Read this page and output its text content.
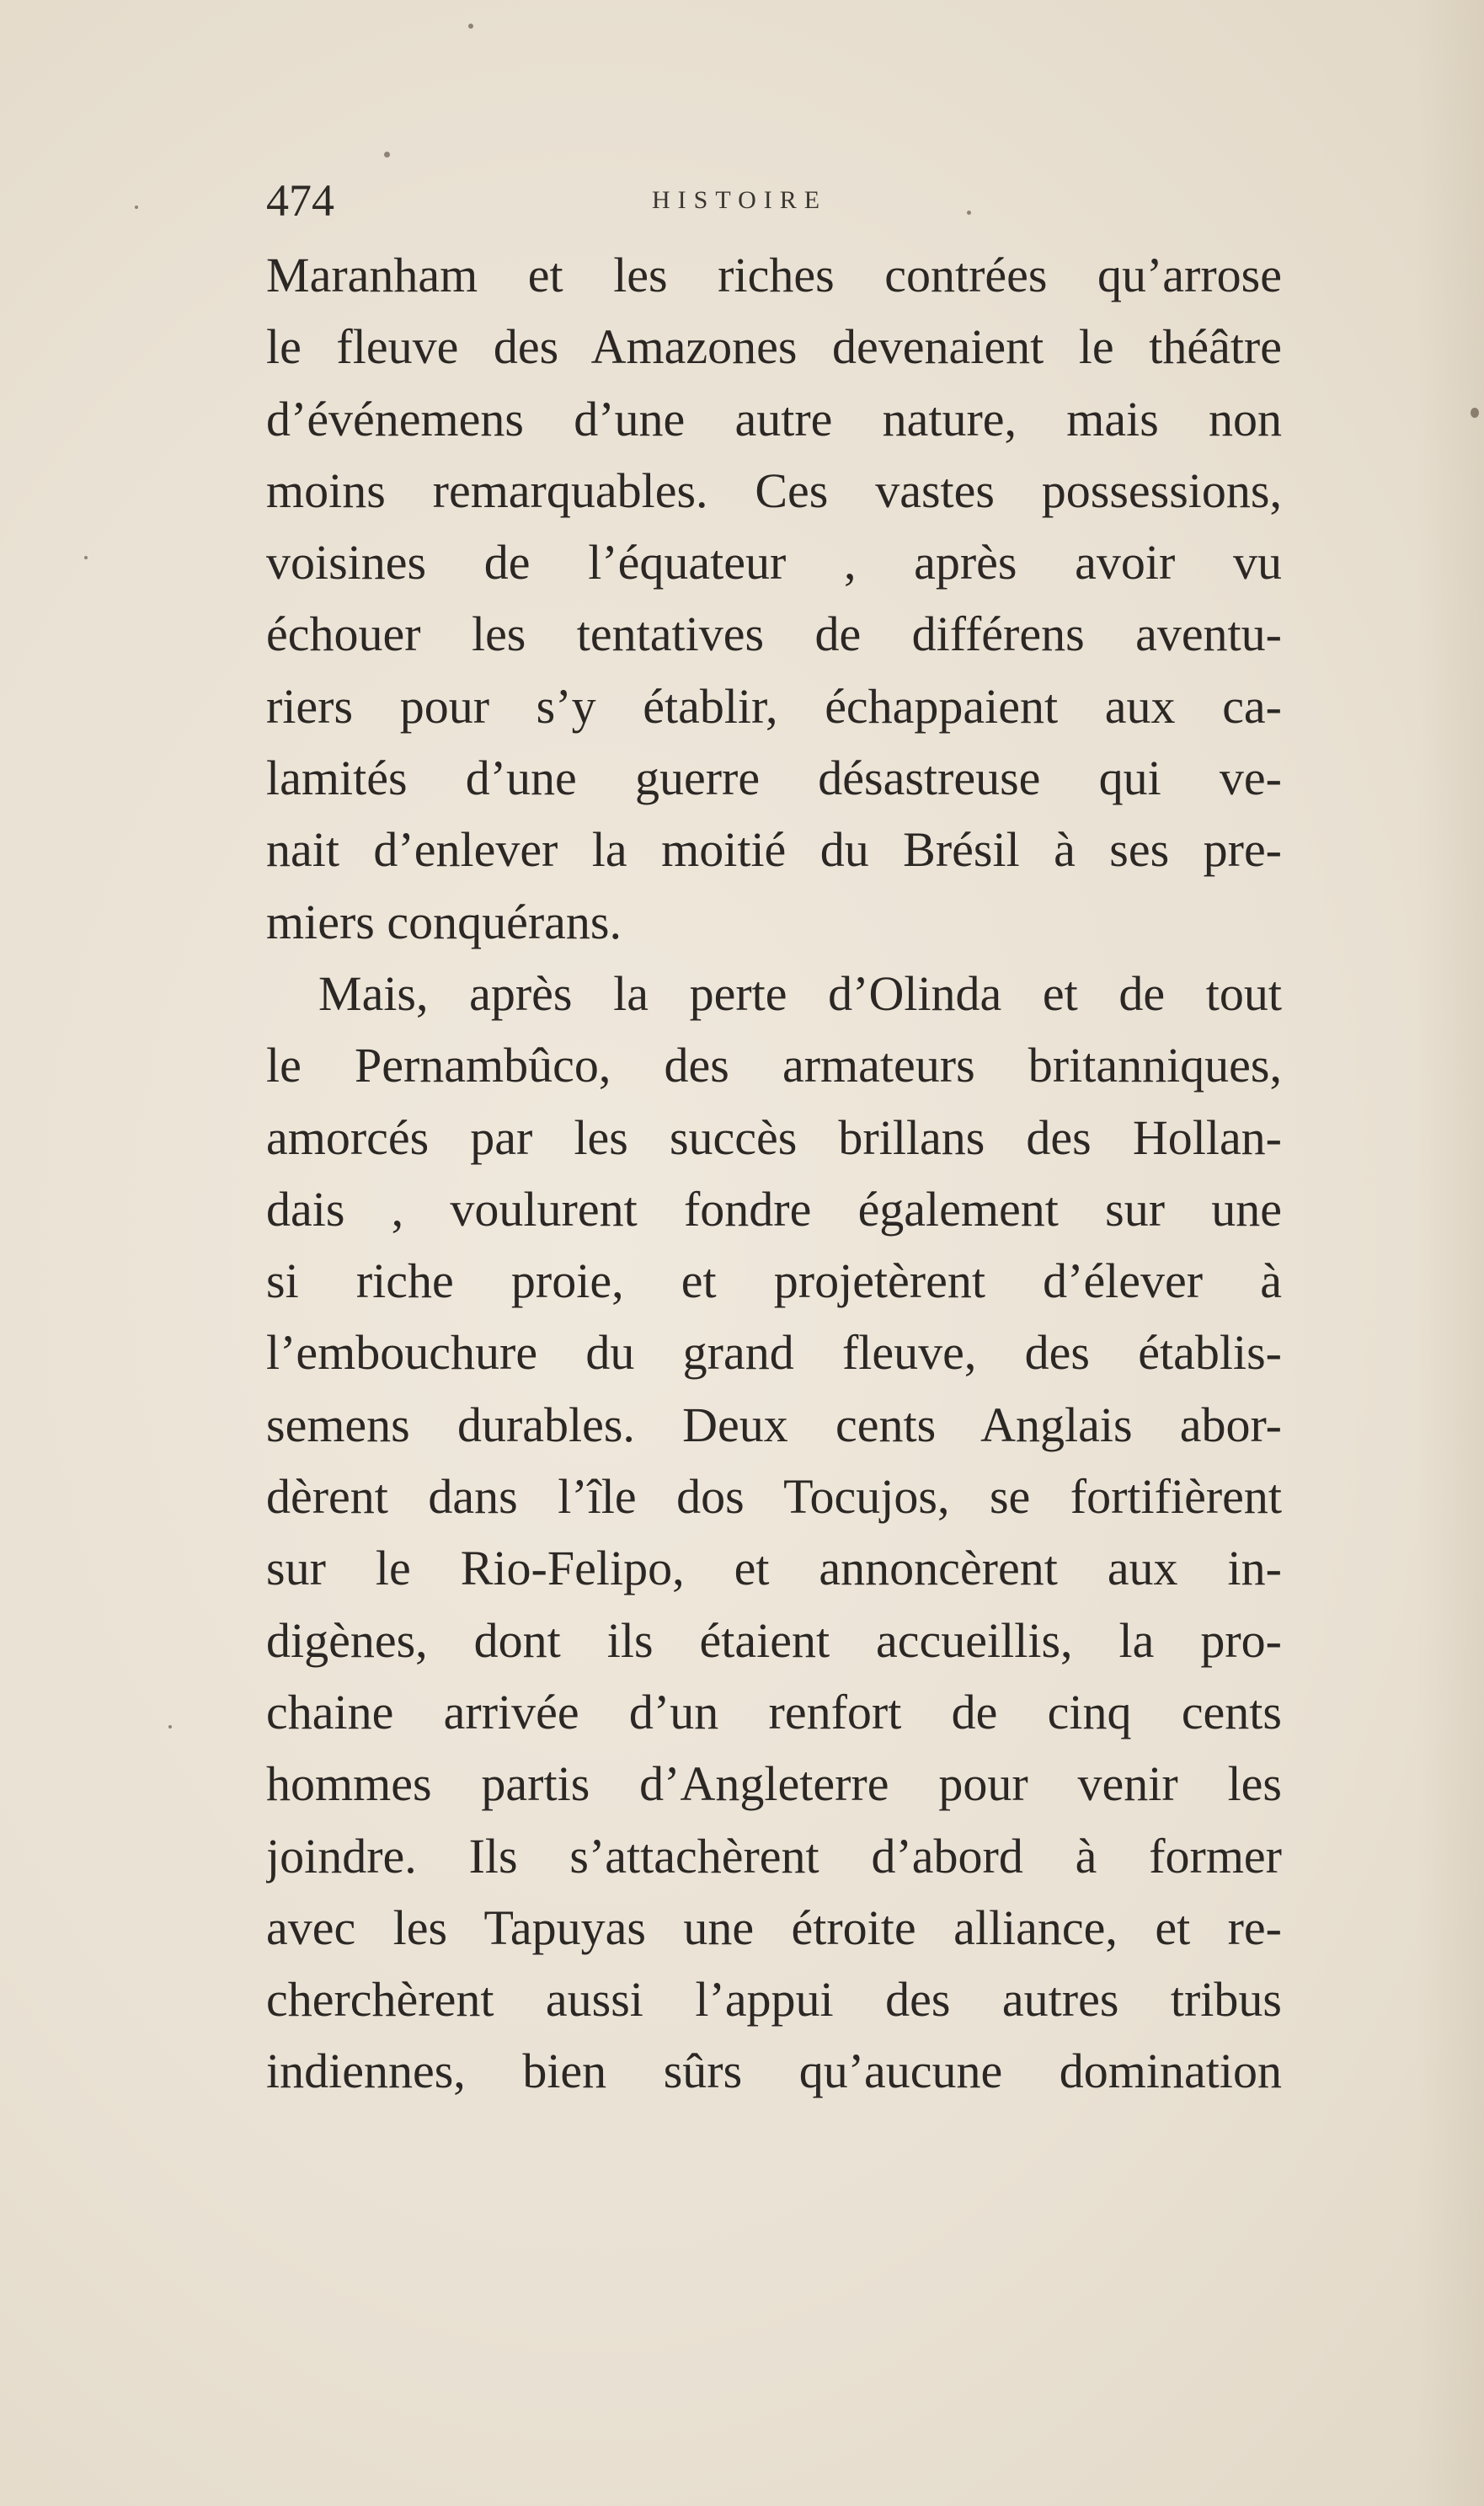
474	HISTOIRE
Maranham et les riches contrées qu’arrose
le fleuve des Amazones devenaient le théâtre
d’événemens d’une autre nature, mais non
moins remarquables. Ces vastes possessions,
voisines de l’équateur , après avoir vu
échouer les tentatives de différens aventu-
riers pour s’y établir, échappaient aux ca-
lamités d’une guerre désastreuse qui ve-
nait d’enlever la moitié du Brésil à ses pre-
miers conquérans.
Mais, après la perte d’Olinda et de tout
le Pernambûco, des armateurs britanniques,
amorcés par les succès brillans des Hollan-
dais , voulurent fondre également sur une
si riche proie, et projetèrent d’élever à
l’embouchure du grand fleuve, des établis-
semens durables. Deux cents Anglais abor-
dèrent dans l’île dos Tocujos, se fortifièrent
sur le Rio-Felipo, et annoncèrent aux in-
digènes, dont ils étaient accueillis, la pro-
chaine arrivée d’un renfort de cinq cents
hommes partis d’Angleterre pour venir les
joindre. Ils s’attachèrent d’abord à former
avec les Tapuyas une étroite alliance, et re-
cherchèrent aussi l’appui des autres tribus
indiennes, bien sûrs qu’aucune domination
